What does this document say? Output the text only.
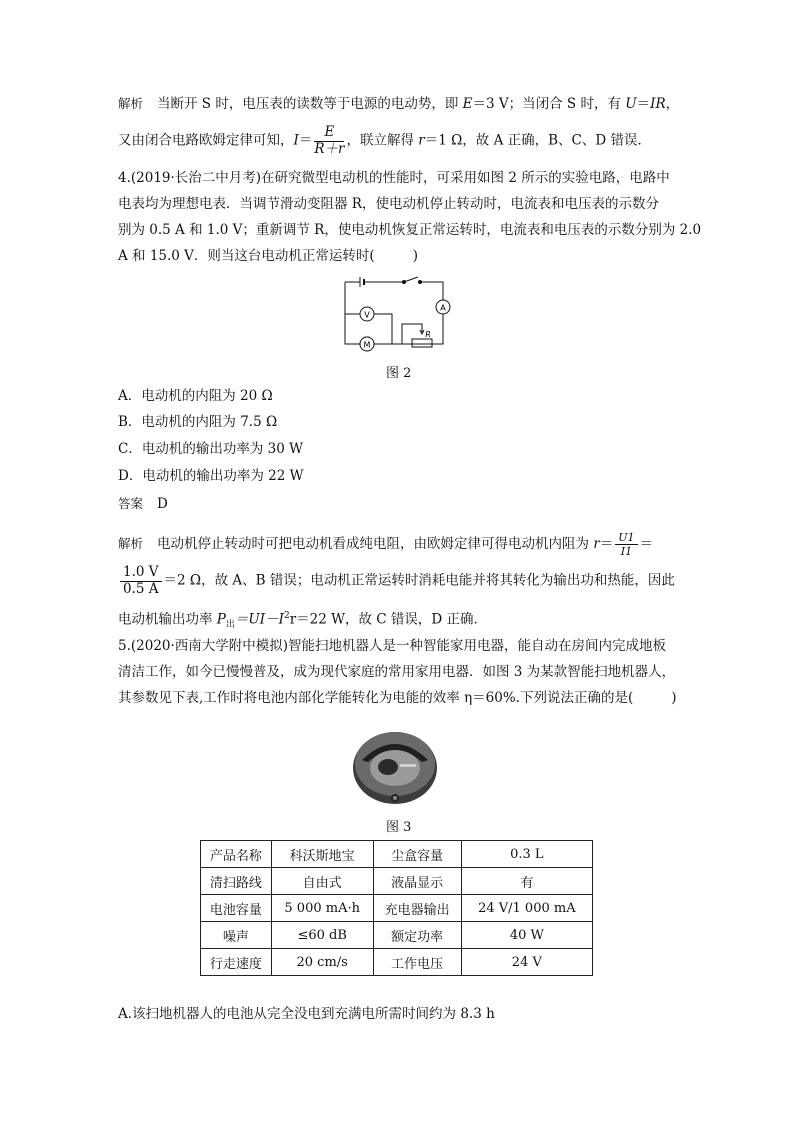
解析 当断开 S 时，电压表的读数等于电源的电动势，即 E＝3 V；当闭合 S 时，有 U＝IR，
又由闭合电路欧姆定律可知，$I= \frac{E}{R+r}$ ，联立解得 r＝1 Ω，故 A 正确，B、C、D 错误．
4.(2019·长治二中月考)在研究微型电动机的性能时，可采用如图 2 所示的实验电路，电路中
电表均为理想电表．当调节滑动变阻器 R，使电动机停止转动时，电流表和电压表的示数分
别为 0.5 A 和 1.0 V；重新调节 R，使电动机恢复正常运转时，电流表和电压表的示数分别为 2.0
A 和 15.0 V．则当这台电动机正常运转时(	)
A
V
M
R
图 2
A．电动机的内阻为 20 Ω
B．电动机的内阻为 7.5 Ω
C．电动机的输出功率为 30 W
D．电动机的输出功率为 22 W
答案 D
解析 电动机停止转动时可把电动机看成纯电阻，由欧姆定律可得电动机内阻为 $r= \frac{U1}{I1}$ ＝
$\frac{1.0 V}{0.5 A} =2$ Ω，故 A、B 错误；电动机正常运转时消耗电能并将其转化为输出功和热能，因此
电动机输出功率 $P_出=UI-I^2r=22$ W，故 C 错误，D 正确．
5.(2020·西南大学附中模拟)智能扫地机器人是一种智能家用电器，能自动在房间内完成地板
清洁工作，如今已慢慢普及，成为现代家庭的常用家用电器．如图 3 为某款智能扫地机器人，
其参数见下表,工作时将电池内部化学能转化为电能的效率 η＝60%.下列说法正确的是(	)
图 3
产品名称	科沃斯地宝	尘盒容量	0.3 L
清扫路线	自由式	液晶显示	有
电池容量	5 000 mA·h	充电器输出	24 V/1 000 mA
噪声	≤60 dB	额定功率	40 W
行走速度	20 cm/s	工作电压	24 V
A.该扫地机器人的电池从完全没电到充满电所需时间约为 8.3 h
